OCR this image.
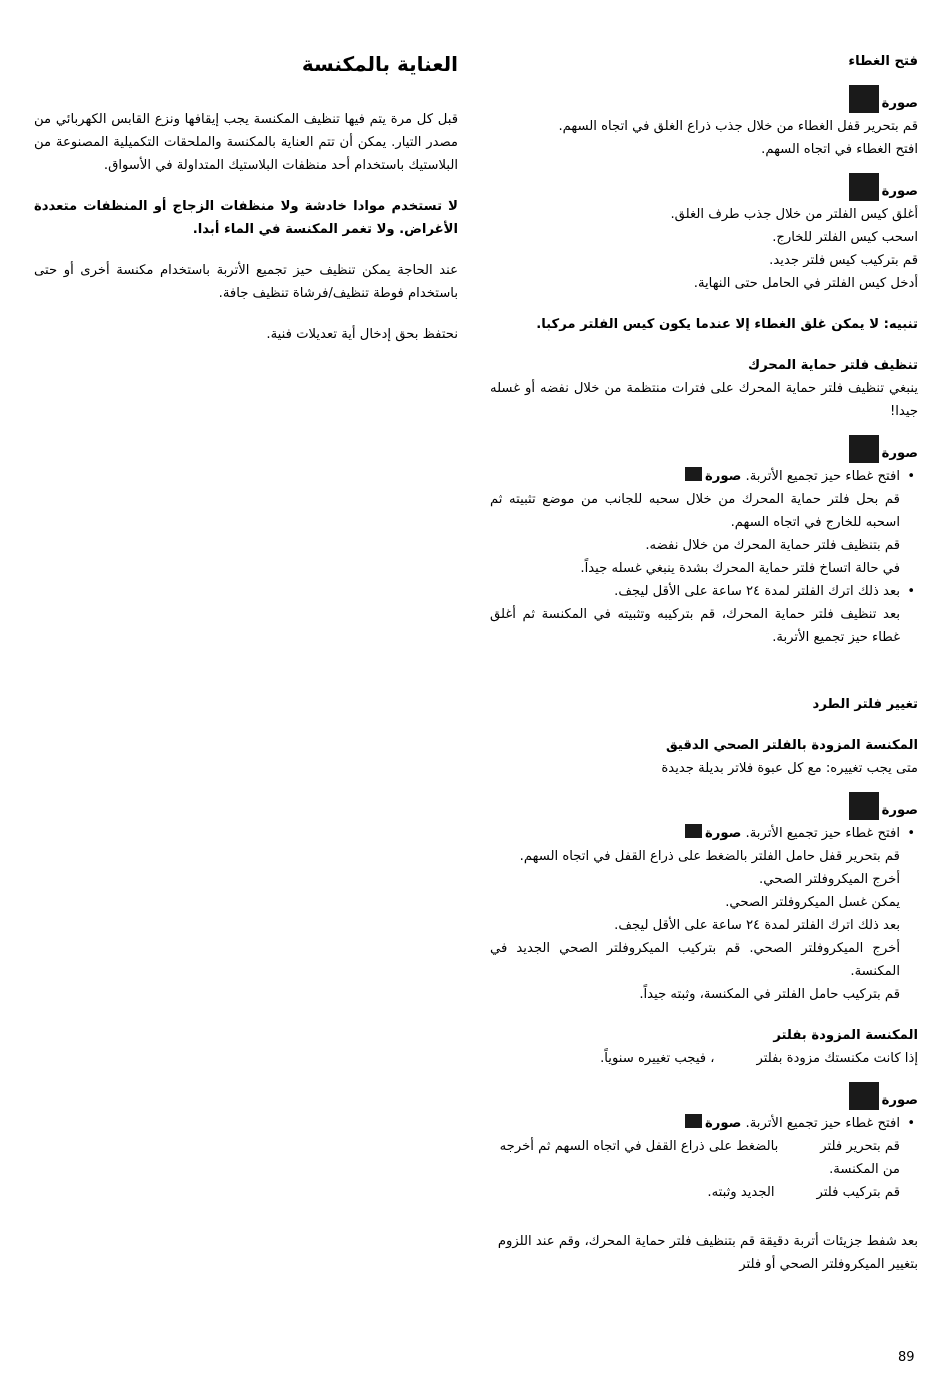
فتح الغطاء

صورة

قم بتحرير قفل الغطاء من خلال جذب ذراع الغلق في اتجاه السهم.

افتح الغطاء في اتجاه السهم.

صورة

أغلق كيس الفلتر من خلال جذب طرف الغلق.

اسحب كيس الفلتر للخارج.

قم بتركيب كيس فلتر جديد.

أدخل كيس الفلتر في الحامل حتى النهاية.

تنبيه: لا يمكن غلق الغطاء إلا عندما يكون كيس الفلتر مركبا.

تنظيف فلتر حماية المحرك

ينبغي تنظيف فلتر حماية المحرك على فترات منتظمة من خلال نفضه أو غسله جيدا!

صورة
•
افتح غطاء حيز تجميع الأتربة. صورة

قم بحل فلتر حماية المحرك من خلال سحبه للجانب من موضع تثبيته ثم اسحبه للخارج في اتجاه السهم.

قم بتنظيف فلتر حماية المحرك من خلال نفضه.

في حالة اتساخ فلتر حماية المحرك بشدة ينبغي غسله جيداً.

•
بعد ذلك اترك الفلتر لمدة ٢٤ ساعة على الأقل ليجف.

بعد تنظيف فلتر حماية المحرك، قم بتركيبه وتثبيته في المكنسة ثم أغلق غطاء حيز تجميع الأتربة.

تغيير فلتر الطرد

المكنسة المزودة بالفلتر الصحي الدقيق

متى يجب تغييره: مع كل عبوة فلاتر بديلة جديدة

صورة
•
افتح غطاء حيز تجميع الأتربة. صورة

قم بتحرير قفل حامل الفلتر بالضغط على ذراع القفل في اتجاه السهم.

أخرج الميكروفلتر الصحي.

يمكن غسل الميكروفلتر الصحي.

بعد ذلك اترك الفلتر لمدة ٢٤ ساعة على الأقل ليجف.

أخرج الميكروفلتر الصحي. قم بتركيب الميكروفلتر الصحي الجديد في المكنسة.

قم بتركيب حامل الفلتر في المكنسة، وثبته جيداً.

المكنسة المزودة بفلتر

إذا كانت مكنستك مزودة بفلتر          ، فيجب تغييره سنوياً.

صورة
•
افتح غطاء حيز تجميع الأتربة. صورة

قم بتحرير فلتر          بالضغط على ذراع القفل في اتجاه السهم ثم أخرجه من المكنسة.

قم بتركيب فلتر          الجديد وثبته.

بعد شفط جزيئات أتربة دقيقة قم بتنظيف فلتر حماية المحرك، وقم عند اللزوم بتغيير الميكروفلتر الصحي أو فلتر

العناية بالمكنسة

قبل كل مرة يتم فيها تنظيف المكنسة يجب إيقافها ونزع القابس الكهربائي من مصدر التيار. يمكن أن تتم العناية بالمكنسة والملحقات التكميلية المصنوعة من البلاستيك باستخدام أحد منظفات البلاستيك المتداولة في الأسواق.

لا تستخدم موادا خادشة ولا منظفات الزجاج أو المنظفات متعددة الأغراض. ولا تغمر المكنسة في الماء أبدا.

عند الحاجة يمكن تنظيف حيز تجميع الأتربة باستخدام مكنسة أخرى أو حتى باستخدام فوطة تنظيف/فرشاة تنظيف جافة.

نحتفظ بحق إدخال أية تعديلات فنية.

89
